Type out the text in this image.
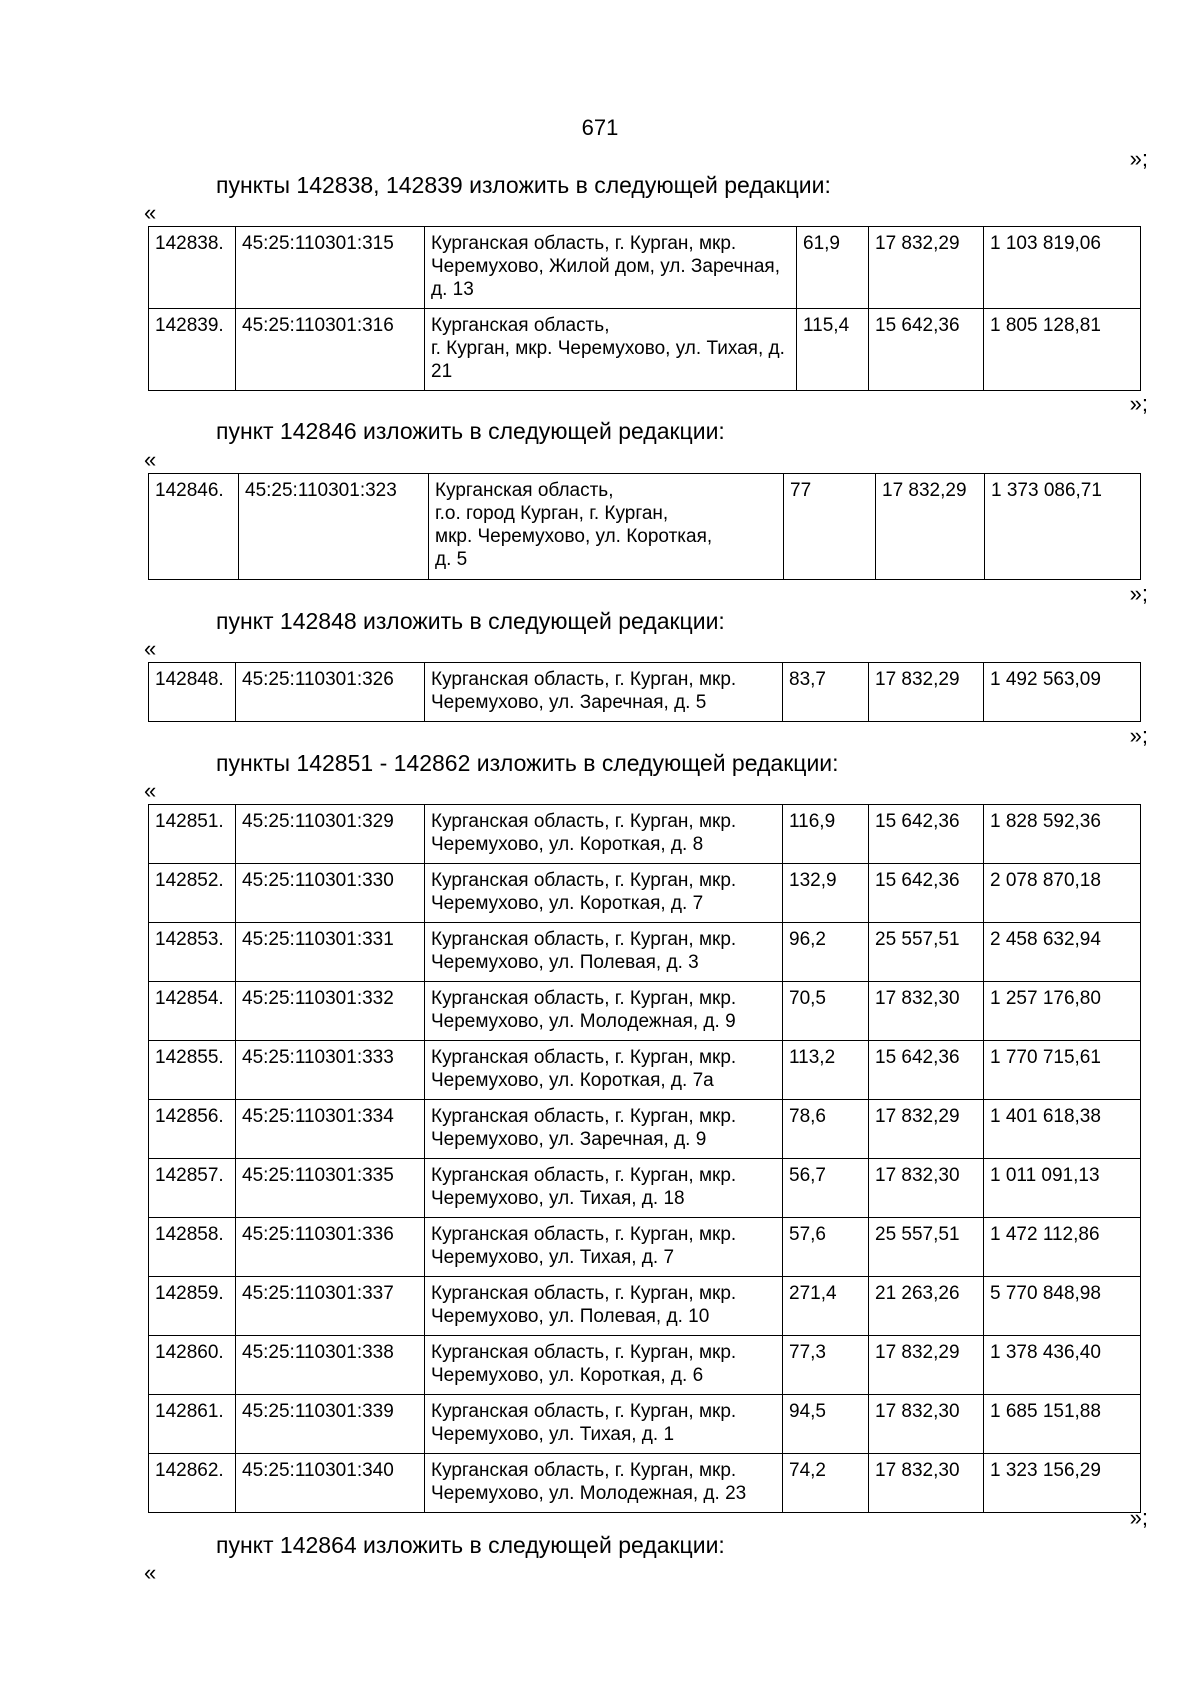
671
»;
пункты 142838, 142839 изложить в следующей редакции:
«
142838.	45:25:110301:315	Курганская область, г. Курган, мкр. Черемухово, Жилой дом, ул. Заречная, д. 13	61,9	17 832,29	1 103 819,06
142839.	45:25:110301:316	Курганская область,
г. Курган, мкр. Черемухово, ул. Тихая, д. 21	115,4	15 642,36	1 805 128,81
»;
пункт 142846 изложить в следующей редакции:
«
142846.	45:25:110301:323	Курганская область,
г.о. город Курган, г. Курган,
мкр. Черемухово, ул. Короткая,
д. 5	77	17 832,29	1 373 086,71
»;
пункт 142848 изложить в следующей редакции:
«
142848.	45:25:110301:326	Курганская область, г. Курган, мкр. Черемухово, ул. Заречная, д. 5	83,7	17 832,29	1 492 563,09
»;
пункты 142851 - 142862 изложить в следующей редакции:
«
142851.	45:25:110301:329	Курганская область, г. Курган, мкр. Черемухово, ул. Короткая, д. 8	116,9	15 642,36	1 828 592,36
142852.	45:25:110301:330	Курганская область, г. Курган, мкр. Черемухово, ул. Короткая, д. 7	132,9	15 642,36	2 078 870,18
142853.	45:25:110301:331	Курганская область, г. Курган, мкр. Черемухово, ул. Полевая, д. 3	96,2	25 557,51	2 458 632,94
142854.	45:25:110301:332	Курганская область, г. Курган, мкр. Черемухово, ул. Молодежная, д. 9	70,5	17 832,30	1 257 176,80
142855.	45:25:110301:333	Курганская область, г. Курган, мкр. Черемухово, ул. Короткая, д. 7а	113,2	15 642,36	1 770 715,61
142856.	45:25:110301:334	Курганская область, г. Курган, мкр. Черемухово, ул. Заречная, д. 9	78,6	17 832,29	1 401 618,38
142857.	45:25:110301:335	Курганская область, г. Курган, мкр. Черемухово, ул. Тихая, д. 18	56,7	17 832,30	1 011 091,13
142858.	45:25:110301:336	Курганская область, г. Курган, мкр. Черемухово, ул. Тихая, д. 7	57,6	25 557,51	1 472 112,86
142859.	45:25:110301:337	Курганская область, г. Курган, мкр. Черемухово, ул. Полевая, д. 10	271,4	21 263,26	5 770 848,98
142860.	45:25:110301:338	Курганская область, г. Курган, мкр. Черемухово, ул. Короткая, д. 6	77,3	17 832,29	1 378 436,40
142861.	45:25:110301:339	Курганская область, г. Курган, мкр. Черемухово, ул. Тихая, д. 1	94,5	17 832,30	1 685 151,88
142862.	45:25:110301:340	Курганская область, г. Курган, мкр. Черемухово, ул. Молодежная, д. 23	74,2	17 832,30	1 323 156,29
»;
пункт 142864 изложить в следующей редакции:
«
